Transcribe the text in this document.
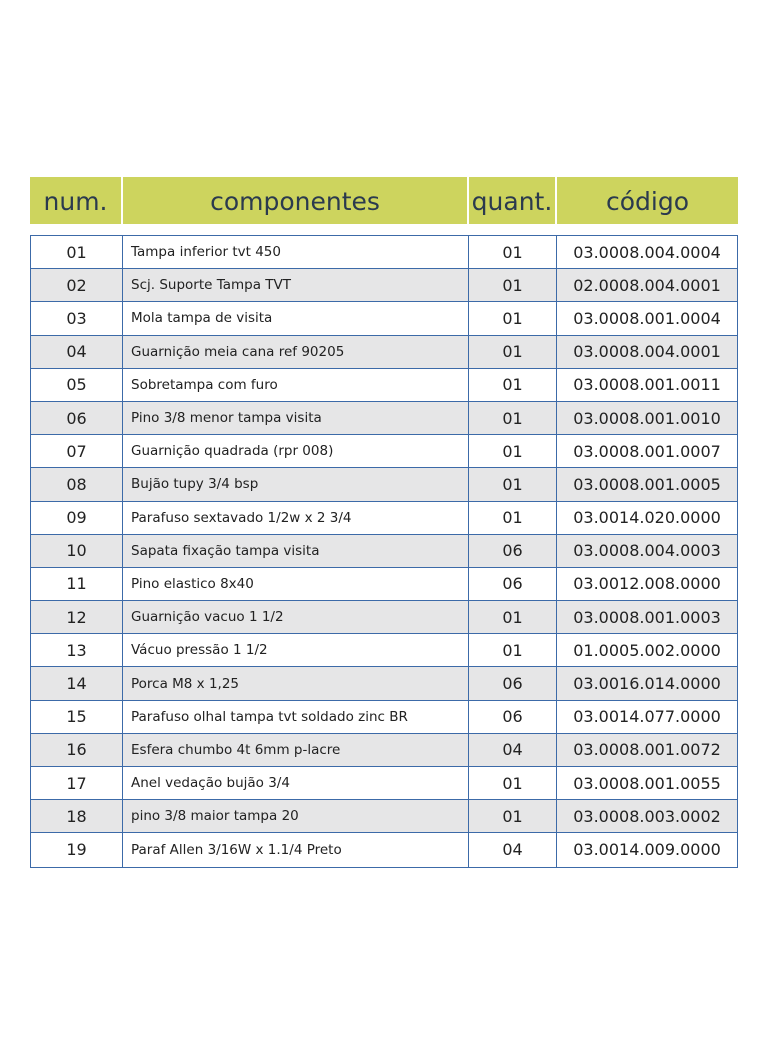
num.	componentes	quant.	código
01	Tampa inferior tvt 450	01	03.0008.004.0004
02	Scj. Suporte Tampa TVT	01	02.0008.004.0001
03	Mola tampa de visita	01	03.0008.001.0004
04	Guarnição meia cana ref 90205	01	03.0008.004.0001
05	Sobretampa com furo	01	03.0008.001.0011
06	Pino 3/8 menor tampa visita	01	03.0008.001.0010
07	Guarnição quadrada (rpr 008)	01	03.0008.001.0007
08	Bujão tupy 3/4 bsp	01	03.0008.001.0005
09	Parafuso sextavado 1/2w x 2 3/4	01	03.0014.020.0000
10	Sapata fixação tampa visita	06	03.0008.004.0003
11	Pino elastico 8x40	06	03.0012.008.0000
12	Guarnição vacuo 1 1/2	01	03.0008.001.0003
13	Vácuo pressão 1 1/2	01	01.0005.002.0000
14	Porca M8 x 1,25	06	03.0016.014.0000
15	Parafuso olhal tampa tvt soldado zinc BR	06	03.0014.077.0000
16	Esfera chumbo 4t 6mm p-lacre	04	03.0008.001.0072
17	Anel vedação bujão 3/4	01	03.0008.001.0055
18	pino 3/8 maior tampa 20	01	03.0008.003.0002
19	Paraf Allen 3/16W x 1.1/4 Preto	04	03.0014.009.0000
